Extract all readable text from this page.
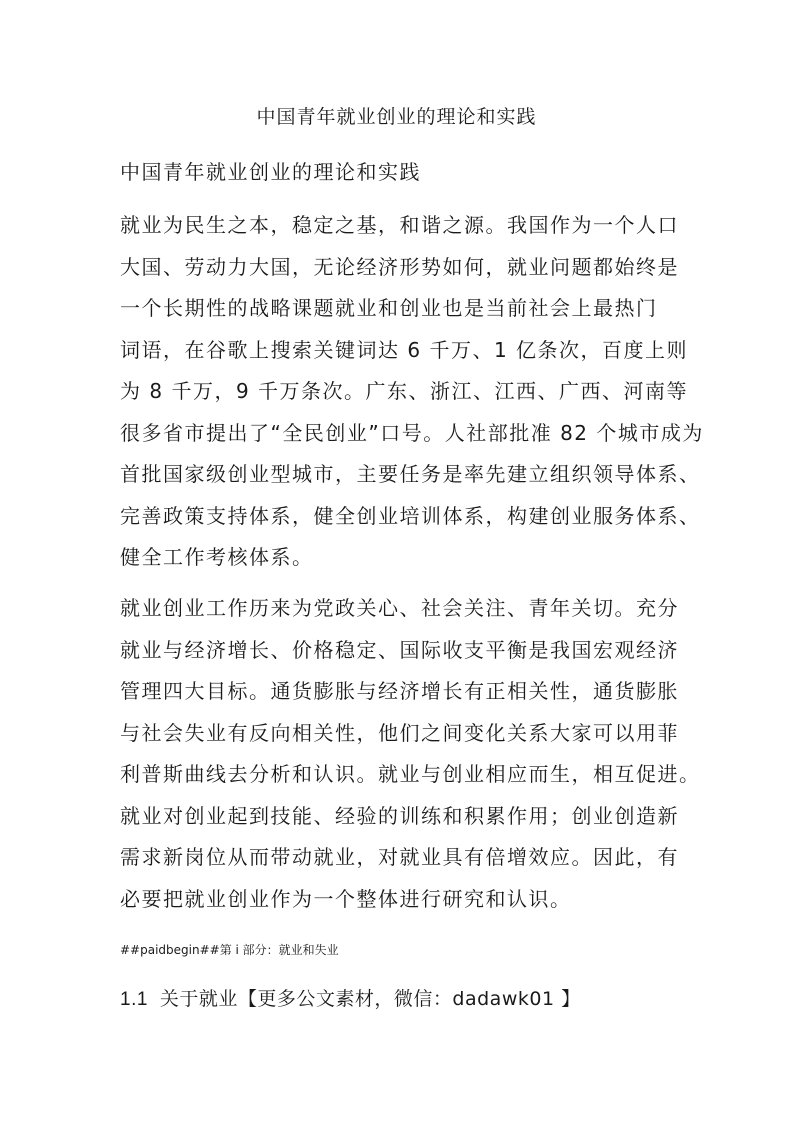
中国青年就业创业的理论和实践
中国青年就业创业的理论和实践
就业为民生之本，稳定之基，和谐之源。我国作为一个人口
大国、劳动力大国，无论经济形势如何，就业问题都始终是
一个长期性的战略课题就业和创业也是当前社会上最热门
词语，在谷歌上搜索关键词达 6 千万、1 亿条次，百度上则
为 8 千万，9 千万条次。广东、浙江、江西、广西、河南等
很多省市提出了“全民创业”口号。人社部批准 82 个城市成为
首批国家级创业型城市，主要任务是率先建立组织领导体系、
完善政策支持体系，健全创业培训体系，构建创业服务体系、
健全工作考核体系。
就业创业工作历来为党政关心、社会关注、青年关切。充分
就业与经济增长、价格稳定、国际收支平衡是我国宏观经济
管理四大目标。通货膨胀与经济增长有正相关性，通货膨胀
与社会失业有反向相关性，他们之间变化关系大家可以用菲
利普斯曲线去分析和认识。就业与创业相应而生，相互促进。
就业对创业起到技能、经验的训练和积累作用；创业创造新
需求新岗位从而带动就业，对就业具有倍增效应。因此，有
必要把就业创业作为一个整体进行研究和认识。
##paidbegin##第 i 部分：就业和失业
1.1 关于就业【更多公文素材，微信：dadawk01 】
